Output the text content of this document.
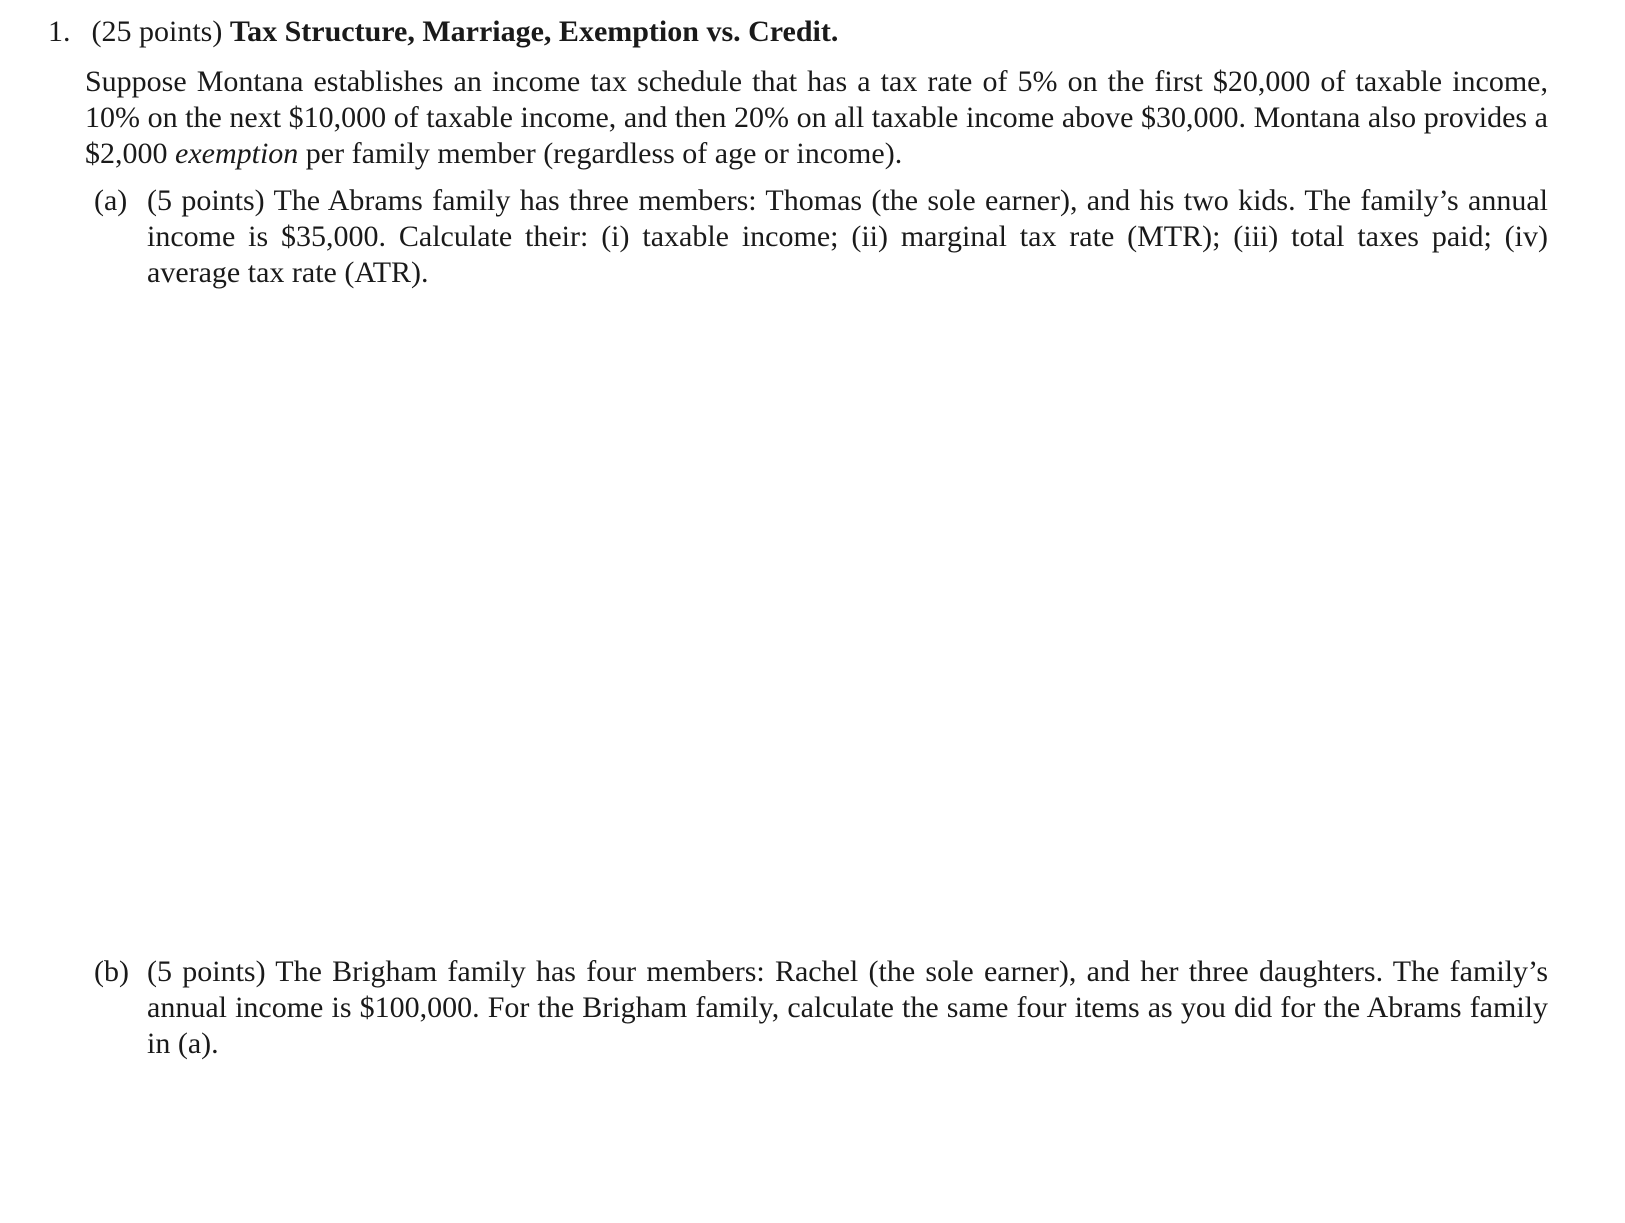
1. (25 points) Tax Structure, Marriage, Exemption vs. Credit.

Suppose Montana establishes an income tax schedule that has a tax rate of 5% on the first $20,000 of taxable income, 10% on the next $10,000 of taxable income, and then 20% on all taxable income above $30,000. Montana also provides a $2,000 exemption per family member (regardless of age or income).

(a) (5 points) The Abrams family has three members: Thomas (the sole earner), and his two kids. The family’s annual income is $35,000. Calculate their: (i) taxable income; (ii) marginal tax rate (MTR); (iii) total taxes paid; (iv) average tax rate (ATR).

(b) (5 points) The Brigham family has four members: Rachel (the sole earner), and her three daughters. The family’s annual income is $100,000. For the Brigham family, calculate the same four items as you did for the Abrams family in (a).
